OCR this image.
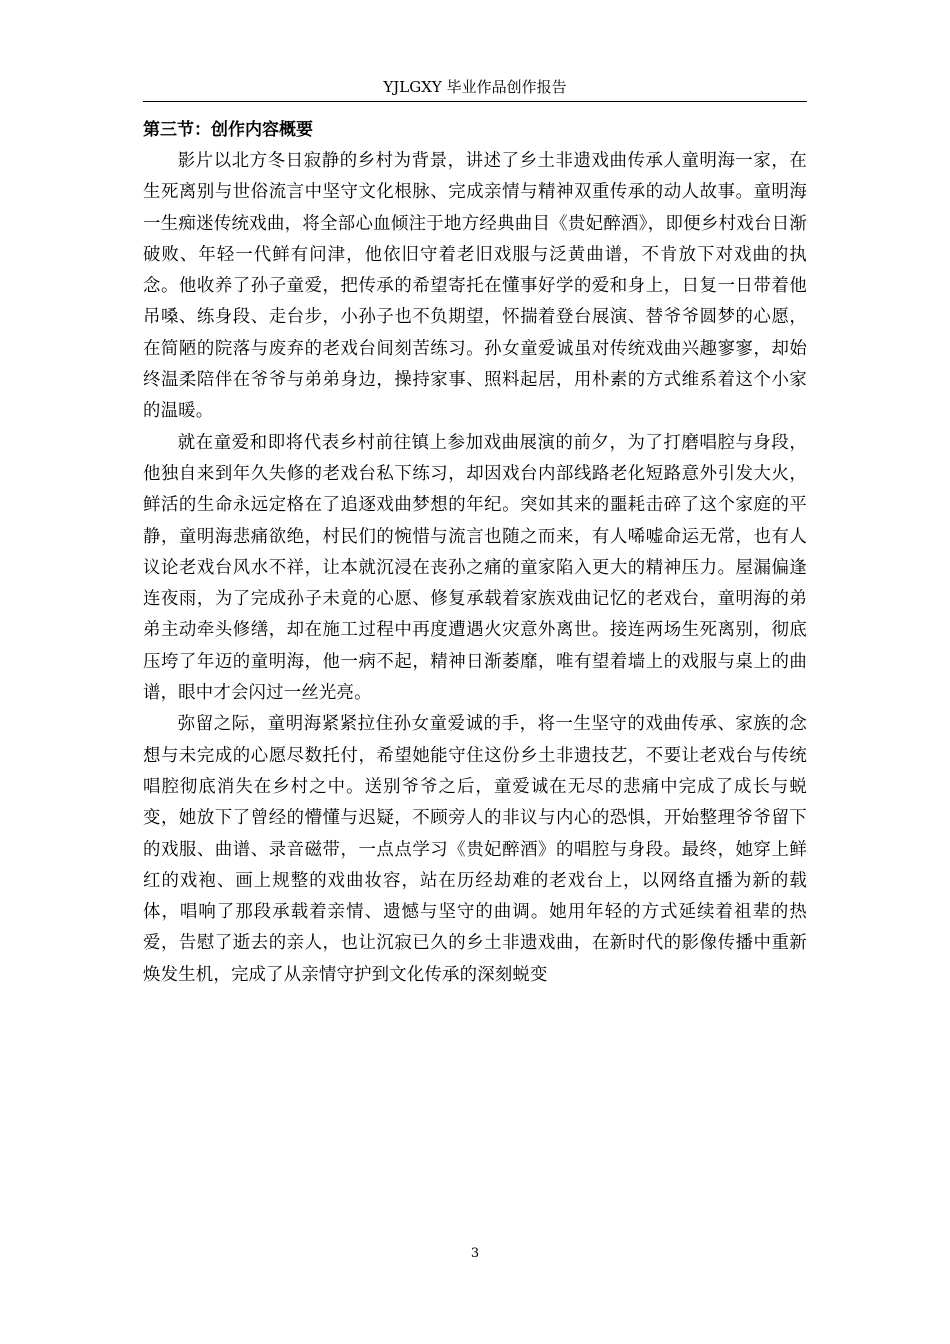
YJLGXY 毕业作品创作报告
第三节：创作内容概要

影片以北方冬日寂静的乡村为背景，讲述了乡土非遗戏曲传承人童明海一家，在生死离别与世俗流言中坚守文化根脉、完成亲情与精神双重传承的动人故事。童明海一生痴迷传统戏曲，将全部心血倾注于地方经典曲目《贵妃醉酒》，即便乡村戏台日渐破败、年轻一代鲜有问津，他依旧守着老旧戏服与泛黄曲谱，不肯放下对戏曲的执念。他收养了孙子童爱，把传承的希望寄托在懂事好学的爱和身上，日复一日带着他吊嗓、练身段、走台步，小孙子也不负期望，怀揣着登台展演、替爷爷圆梦的心愿，在简陋的院落与废弃的老戏台间刻苦练习。孙女童爱诚虽对传统戏曲兴趣寥寥，却始终温柔陪伴在爷爷与弟弟身边，操持家事、照料起居，用朴素的方式维系着这个小家的温暖。

就在童爱和即将代表乡村前往镇上参加戏曲展演的前夕，为了打磨唱腔与身段，他独自来到年久失修的老戏台私下练习，却因戏台内部线路老化短路意外引发大火，鲜活的生命永远定格在了追逐戏曲梦想的年纪。突如其来的噩耗击碎了这个家庭的平静，童明海悲痛欲绝，村民们的惋惜与流言也随之而来，有人唏嘘命运无常，也有人议论老戏台风水不祥，让本就沉浸在丧孙之痛的童家陷入更大的精神压力。屋漏偏逢连夜雨，为了完成孙子未竟的心愿、修复承载着家族戏曲记忆的老戏台，童明海的弟弟主动牵头修缮，却在施工过程中再度遭遇火灾意外离世。接连两场生死离别，彻底压垮了年迈的童明海，他一病不起，精神日渐萎靡，唯有望着墙上的戏服与桌上的曲谱，眼中才会闪过一丝光亮。

弥留之际，童明海紧紧拉住孙女童爱诚的手，将一生坚守的戏曲传承、家族的念想与未完成的心愿尽数托付，希望她能守住这份乡土非遗技艺，不要让老戏台与传统唱腔彻底消失在乡村之中。送别爷爷之后，童爱诚在无尽的悲痛中完成了成长与蜕变，她放下了曾经的懵懂与迟疑，不顾旁人的非议与内心的恐惧，开始整理爷爷留下的戏服、曲谱、录音磁带，一点点学习《贵妃醉酒》的唱腔与身段。最终，她穿上鲜红的戏袍、画上规整的戏曲妆容，站在历经劫难的老戏台上，以网络直播为新的载体，唱响了那段承载着亲情、遗憾与坚守的曲调。她用年轻的方式延续着祖辈的热爱，告慰了逝去的亲人，也让沉寂已久的乡土非遗戏曲，在新时代的影像传播中重新焕发生机，完成了从亲情守护到文化传承的深刻蜕变

3
